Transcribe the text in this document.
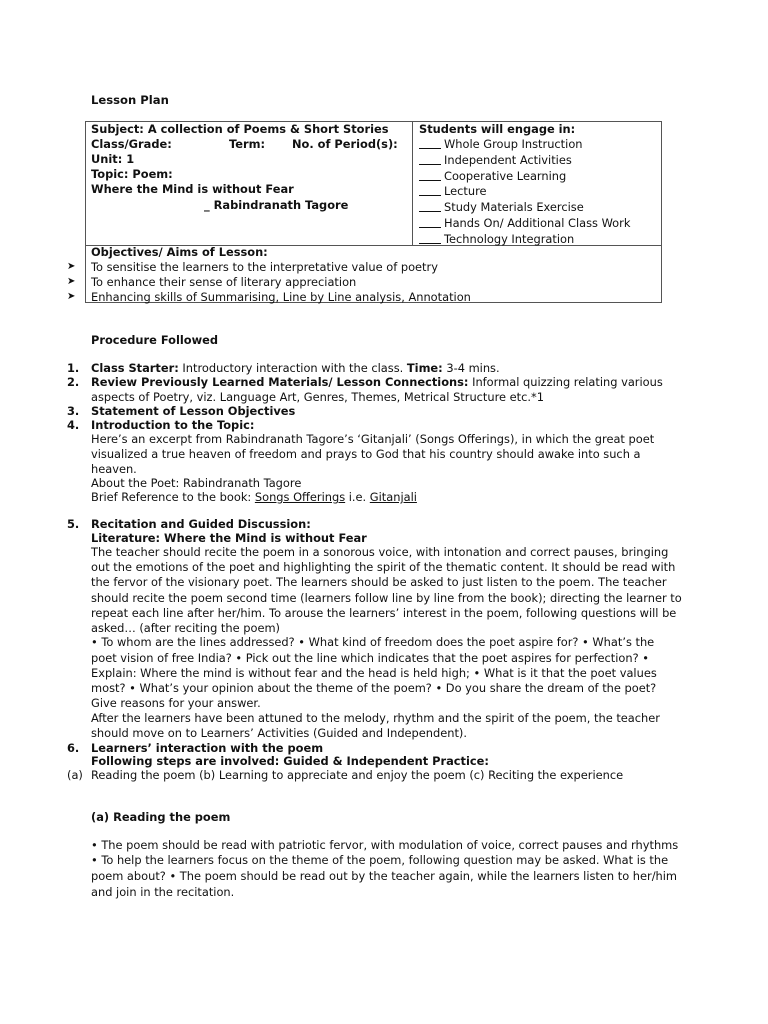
Lesson Plan
Subject: A collection of Poems & Short Stories
Class/Grade:	Term: No. of Period(s):
Unit: 1
Topic: Poem:
Where the Mind is without Fear
_ Rabindranath Tagore
Students will engage in:
Whole Group Instruction
Independent Activities
Cooperative Learning
Lecture
Study Materials Exercise
Hands On/ Additional Class Work
Technology Integration
Objectives/ Aims of Lesson:
To sensitise the learners to the interpretative value of poetry
To enhance their sense of literary appreciation
Enhancing skills of Summarising, Line by Line analysis, Annotation
➤
➤
➤
Procedure Followed
1.	Class Starter: Introductory interaction with the class. Time: 3-4 mins.
2.	Review Previously Learned Materials/ Lesson Connections: Informal quizzing relating various
aspects of Poetry, viz. Language Art, Genres, Themes, Metrical Structure etc.*1
3.	Statement of Lesson Objectives
4.	Introduction to the Topic:
Here’s an excerpt from Rabindranath Tagore’s ‘Gitanjali’ (Songs Offerings), in which the great poet
visualized a true heaven of freedom and prays to God that his country should awake into such a
heaven.
About the Poet: Rabindranath Tagore
Brief Reference to the book: Songs Offerings i.e. Gitanjali
5.	Recitation and Guided Discussion:
Literature: Where the Mind is without Fear
The teacher should recite the poem in a sonorous voice, with intonation and correct pauses, bringing
out the emotions of the poet and highlighting the spirit of the thematic content. It should be read with
the fervor of the visionary poet. The learners should be asked to just listen to the poem. The teacher
should recite the poem second time (learners follow line by line from the book); directing the learner to
repeat each line after her/him. To arouse the learners’ interest in the poem, following questions will be
asked… (after reciting the poem)
• To whom are the lines addressed? • What kind of freedom does the poet aspire for? • What’s the
poet vision of free India? • Pick out the line which indicates that the poet aspires for perfection? •
Explain: Where the mind is without fear and the head is held high; • What is it that the poet values
most? • What’s your opinion about the theme of the poem? • Do you share the dream of the poet?
Give reasons for your answer.
After the learners have been attuned to the melody, rhythm and the spirit of the poem, the teacher
should move on to Learners’ Activities (Guided and Independent).
6.	Learners’ interaction with the poem
Following steps are involved: Guided & Independent Practice:
(a) Reading the poem (b) Learning to appreciate and enjoy the poem (c) Reciting the experience
(a) Reading the poem
• The poem should be read with patriotic fervor, with modulation of voice, correct pauses and rhythms
• To help the learners focus on the theme of the poem, following question may be asked. What is the
poem about? • The poem should be read out by the teacher again, while the learners listen to her/him
and join in the recitation.
